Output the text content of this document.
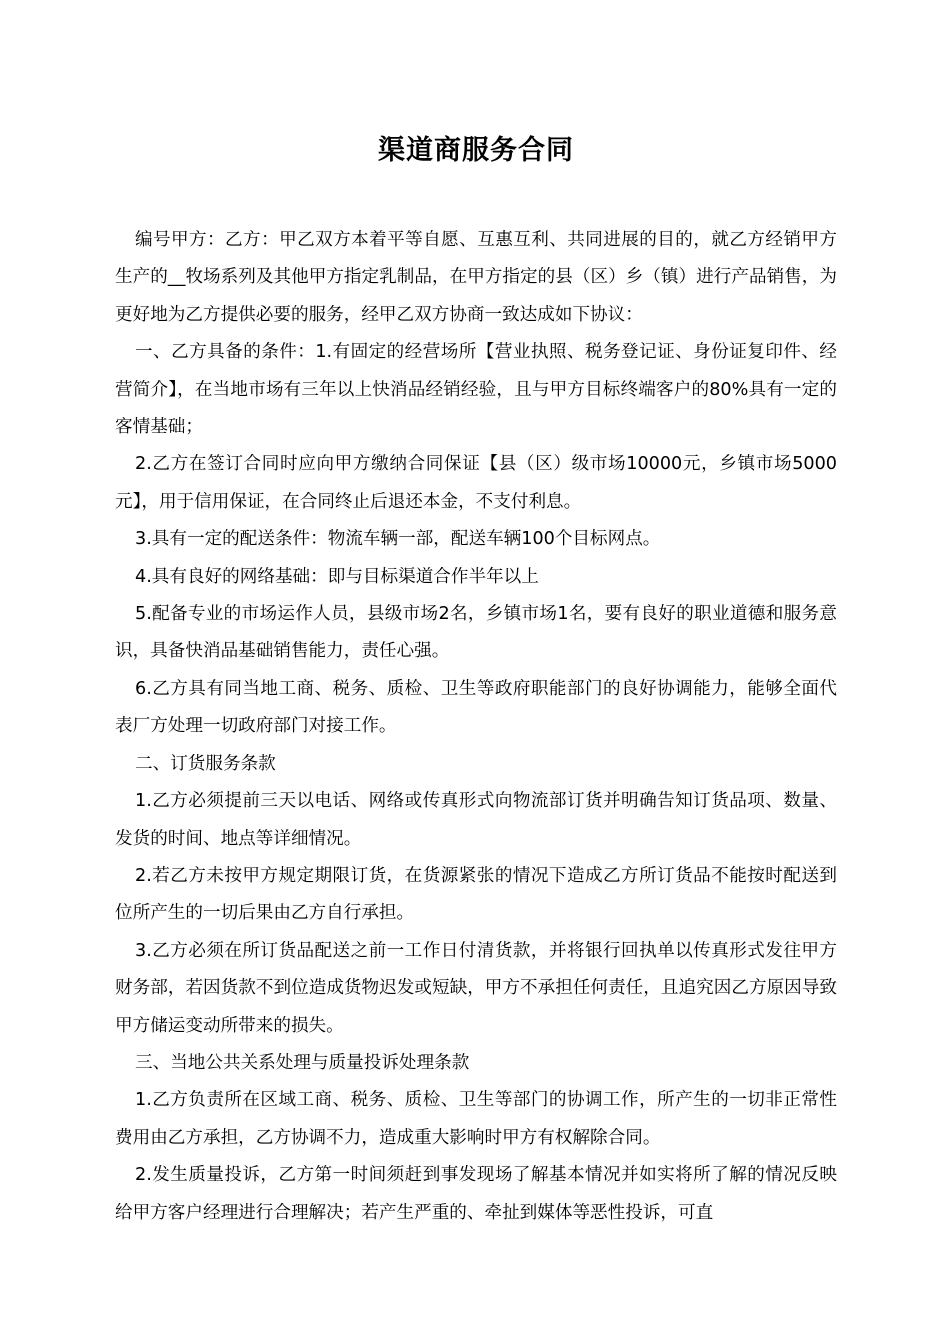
渠道商服务合同

编号甲方：乙方：甲乙双方本着平等自愿、互惠互利、共同进展的目的，就乙方经销甲方生产的__牧场系列及其他甲方指定乳制品，在甲方指定的县（区）乡（镇）进行产品销售，为更好地为乙方提供必要的服务，经甲乙双方协商一致达成如下协议：

一、乙方具备的条件：1.有固定的经营场所【营业执照、税务登记证、身份证复印件、经营简介】，在当地市场有三年以上快消品经销经验，且与甲方目标终端客户的80%具有一定的客情基础；

2.乙方在签订合同时应向甲方缴纳合同保证【县（区）级市场10000元，乡镇市场5000元】，用于信用保证，在合同终止后退还本金，不支付利息。

3.具有一定的配送条件：物流车辆一部，配送车辆100个目标网点。

4.具有良好的网络基础：即与目标渠道合作半年以上

5.配备专业的市场运作人员，县级市场2名，乡镇市场1名，要有良好的职业道德和服务意识，具备快消品基础销售能力，责任心强。

6.乙方具有同当地工商、税务、质检、卫生等政府职能部门的良好协调能力，能够全面代表厂方处理一切政府部门对接工作。

二、订货服务条款

1.乙方必须提前三天以电话、网络或传真形式向物流部订货并明确告知订货品项、数量、发货的时间、地点等详细情况。

2.若乙方未按甲方规定期限订货，在货源紧张的情况下造成乙方所订货品不能按时配送到位所产生的一切后果由乙方自行承担。

3.乙方必须在所订货品配送之前一工作日付清货款，并将银行回执单以传真形式发往甲方财务部，若因货款不到位造成货物迟发或短缺，甲方不承担任何责任，且追究因乙方原因导致甲方储运变动所带来的损失。

三、当地公共关系处理与质量投诉处理条款

1.乙方负责所在区域工商、税务、质检、卫生等部门的协调工作，所产生的一切非正常性费用由乙方承担，乙方协调不力，造成重大影响时甲方有权解除合同。

2.发生质量投诉，乙方第一时间须赶到事发现场了解基本情况并如实将所了解的情况反映给甲方客户经理进行合理解决；若产生严重的、牵扯到媒体等恶性投诉，可直
